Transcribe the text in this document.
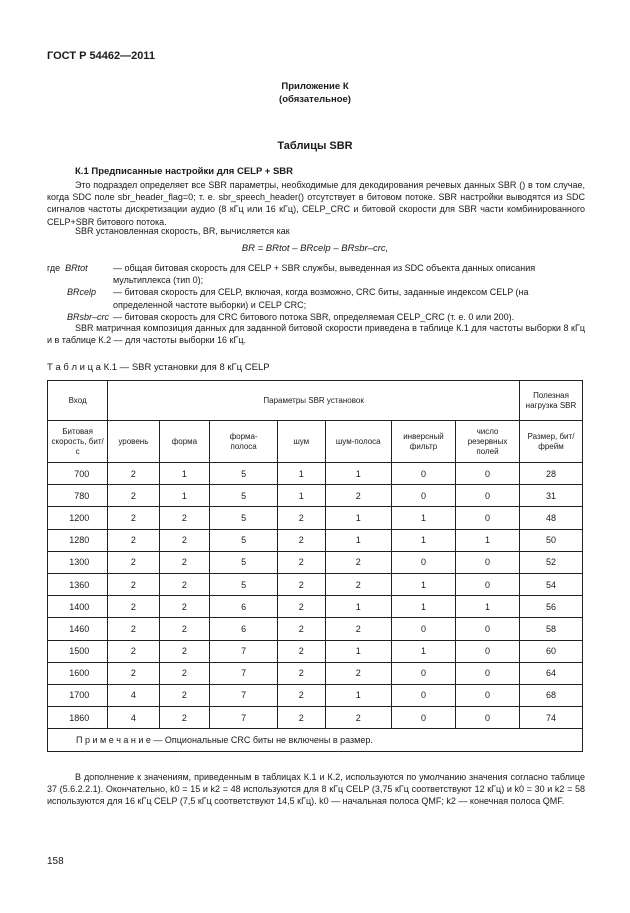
ГОСТ Р 54462—2011
Приложение К
(обязательное)
Таблицы SBR
К.1 Предписанные настройки для CELP + SBR
Это подраздел определяет все SBR параметры, необходимые для декодирования речевых данных SBR () в том случае, когда SDC поле sbr_header_flag=0; т. е. sbr_speech_header() отсутствует в битовом потоке. SBR настройки выводятся из SDC сигналов частоты дискретизации аудио (8 кГц или 16 кГц), CELP_CRC и битовой скорости для SBR части комбинированного CELP+SBR битового потока.
SBR установленная скорость, BR, вычисляется как
BR = BRtot – BRcelp – BRsbr–crc,
где BRtot	— общая битовая скорость для CELP + SBR службы, выведенная из SDC объекта данных описания мультиплекса (тип 0);
BRcelp	— битовая скорость для CELP, включая, когда возможно, CRC биты, заданные индексом CELP (на определенной частоте выборки) и CELP CRC;
BRsbr–crc — битовая скорость для CRC битового потока SBR, определяемая CELP_CRC (т. е. 0 или 200).
SBR матричная композиция данных для заданной битовой скорости приведена в таблице К.1 для частоты выборки 8 кГц и в таблице К.2 — для частоты выборки 16 кГц.
Т а б л и ц а К.1 — SBR установки для 8 кГц CELP
Вход	Параметры SBR установок							Полезная нагрузка SBR
Битовая скорость, бит/с	уровень	форма	форма-полоса	шум	шум-полоса	инверсный фильтр	число резервных полей	Размер, бит/фрейм
700	2	1	5	1	1	0	0	28
780	2	1	5	1	2	0	0	31
1200	2	2	5	2	1	1	0	48
1280	2	2	5	2	1	1	1	50
1300	2	2	5	2	2	0	0	52
1360	2	2	5	2	2	1	0	54
1400	2	2	6	2	1	1	1	56
1460	2	2	6	2	2	0	0	58
1500	2	2	7	2	1	1	0	60
1600	2	2	7	2	2	0	0	64
1700	4	2	7	2	1	0	0	68
1860	4	2	7	2	2	0	0	74
П р и м е ч а н и е — Опциональные CRC биты не включены в размер.								
В дополнение к значениям, приведенным в таблицах К.1 и К.2, используются по умолчанию значения согласно таблице 37 (5.6.2.2.1). Окончательно, k0 = 15 и k2 = 48 используются для 8 кГц CELP (3,75 кГц соответствуют 12 кГц) и k0 = 30 и k2 = 58 используются для 16 кГц CELP (7,5 кГц соответствуют 14,5 кГц). k0 — начальная полоса QMF; k2 — конечная полоса QMF.
158
